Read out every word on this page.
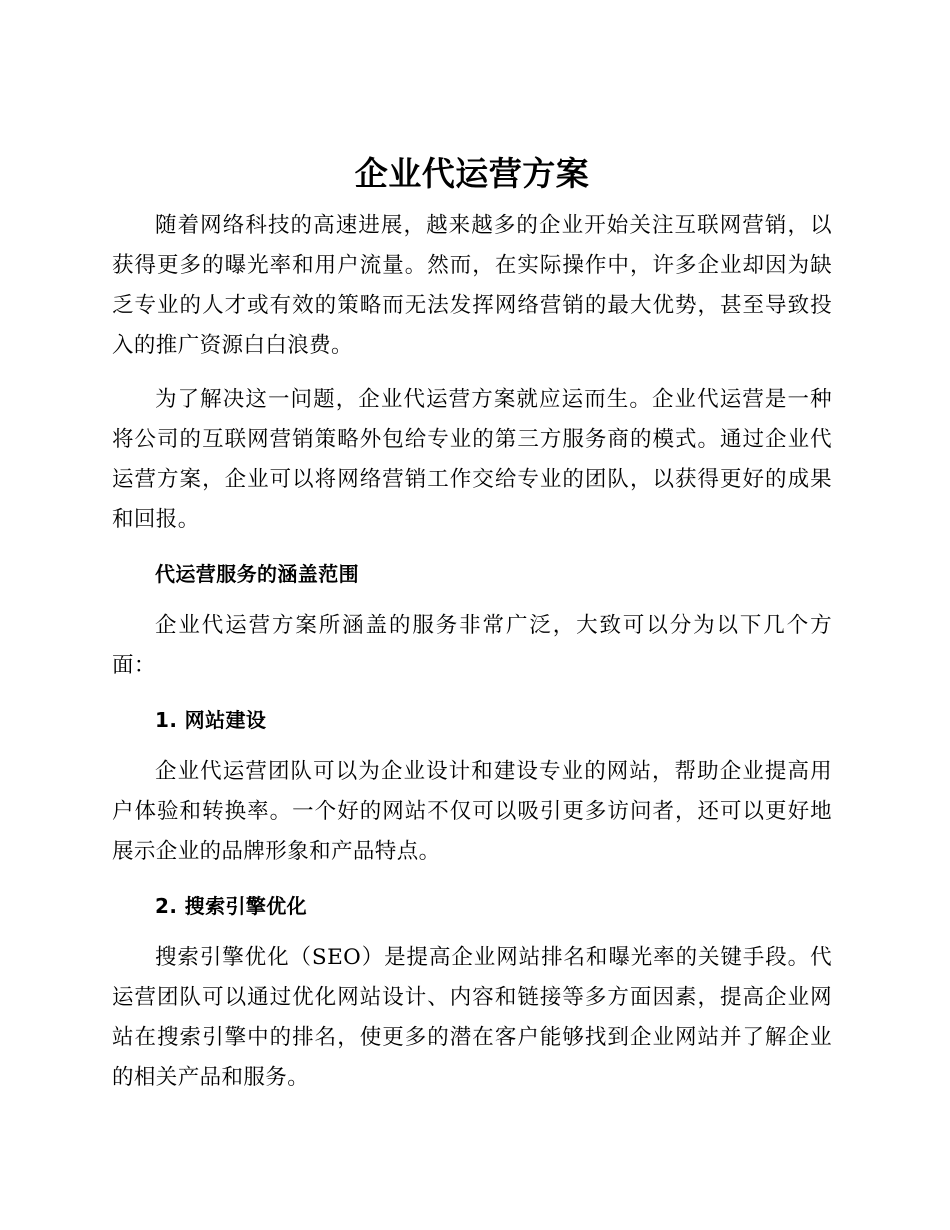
企业代运营方案

随着网络科技的高速进展，越来越多的企业开始关注互联网营销，以获得更多的曝光率和用户流量。然而，在实际操作中，许多企业却因为缺乏专业的人才或有效的策略而无法发挥网络营销的最大优势，甚至导致投入的推广资源白白浪费。

为了解决这一问题，企业代运营方案就应运而生。企业代运营是一种将公司的互联网营销策略外包给专业的第三方服务商的模式。通过企业代运营方案，企业可以将网络营销工作交给专业的团队，以获得更好的成果和回报。

代运营服务的涵盖范围

企业代运营方案所涵盖的服务非常广泛，大致可以分为以下几个方面：

1. 网站建设

企业代运营团队可以为企业设计和建设专业的网站，帮助企业提高用户体验和转换率。一个好的网站不仅可以吸引更多访问者，还可以更好地展示企业的品牌形象和产品特点。

2. 搜索引擎优化

搜索引擎优化（SEO）是提高企业网站排名和曝光率的关键手段。代运营团队可以通过优化网站设计、内容和链接等多方面因素，提高企业网站在搜索引擎中的排名，使更多的潜在客户能够找到企业网站并了解企业的相关产品和服务。
